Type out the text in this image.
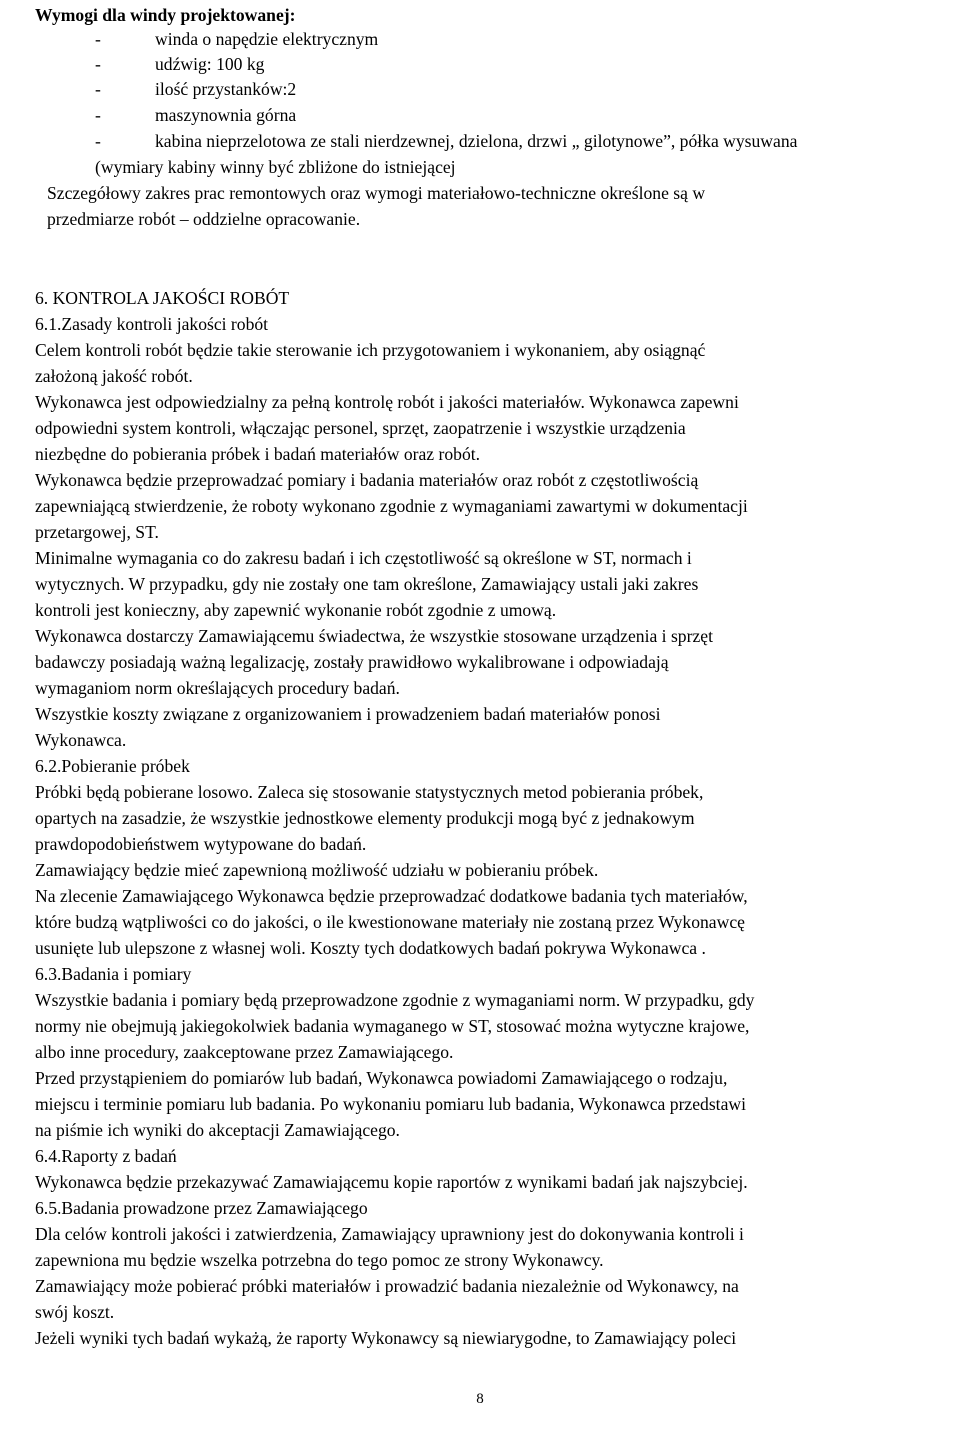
Wymogi dla windy projektowanej:
-	winda o napędzie elektrycznym
-	udźwig: 100 kg
-	ilość przystanków:2
-	maszynownia górna
-	kabina nieprzelotowa ze stali nierdzewnej, dzielona, drzwi „ gilotynowe”, półka wysuwana
(wymiary kabiny winny być zbliżone do istniejącej
Szczegółowy zakres prac remontowych oraz wymogi materiałowo-techniczne określone są w
przedmiarze robót – oddzielne opracowanie.
6. KONTROLA JAKOŚCI ROBÓT
6.1.Zasady kontroli jakości robót
Celem kontroli robót będzie takie sterowanie ich przygotowaniem i wykonaniem, aby osiągnąć
założoną jakość robót.
Wykonawca jest odpowiedzialny za pełną kontrolę robót i jakości materiałów. Wykonawca zapewni
odpowiedni system kontroli, włączając personel, sprzęt, zaopatrzenie i wszystkie urządzenia
niezbędne do pobierania próbek i badań materiałów oraz robót.
Wykonawca będzie przeprowadzać pomiary i badania materiałów oraz robót z częstotliwością
zapewniającą stwierdzenie, że roboty wykonano zgodnie z wymaganiami zawartymi w dokumentacji
przetargowej, ST.
Minimalne wymagania co do zakresu badań i ich częstotliwość są określone w ST, normach i
wytycznych. W przypadku, gdy nie zostały one tam określone, Zamawiający ustali jaki zakres
kontroli jest konieczny, aby zapewnić wykonanie robót zgodnie z umową.
Wykonawca dostarczy Zamawiającemu świadectwa, że wszystkie stosowane urządzenia i sprzęt
badawczy posiadają ważną legalizację, zostały prawidłowo wykalibrowane i odpowiadają
wymaganiom norm określających procedury badań.
Wszystkie koszty związane z organizowaniem i prowadzeniem badań materiałów ponosi
Wykonawca.
6.2.Pobieranie próbek
Próbki będą pobierane losowo. Zaleca się stosowanie statystycznych metod pobierania próbek,
opartych na zasadzie, że wszystkie jednostkowe elementy produkcji mogą być z jednakowym
prawdopodobieństwem wytypowane do badań.
Zamawiający będzie mieć zapewnioną możliwość udziału w pobieraniu próbek.
Na zlecenie Zamawiającego Wykonawca będzie przeprowadzać dodatkowe badania tych materiałów,
które budzą wątpliwości co do jakości, o ile kwestionowane materiały nie zostaną przez Wykonawcę
usunięte lub ulepszone z własnej woli. Koszty tych dodatkowych badań pokrywa Wykonawca .
6.3.Badania i pomiary
Wszystkie badania i pomiary będą przeprowadzone zgodnie z wymaganiami norm. W przypadku, gdy
normy nie obejmują jakiegokolwiek badania wymaganego w ST, stosować można wytyczne krajowe,
albo inne procedury, zaakceptowane przez Zamawiającego.
Przed przystąpieniem do pomiarów lub badań, Wykonawca powiadomi Zamawiającego o rodzaju,
miejscu i terminie pomiaru lub badania. Po wykonaniu pomiaru lub badania, Wykonawca przedstawi
na piśmie ich wyniki do akceptacji Zamawiającego.
6.4.Raporty z badań
Wykonawca będzie przekazywać Zamawiającemu kopie raportów z wynikami badań jak najszybciej.
6.5.Badania prowadzone przez Zamawiającego
Dla celów kontroli jakości i zatwierdzenia, Zamawiający uprawniony jest do dokonywania kontroli i
zapewniona mu będzie wszelka potrzebna do tego pomoc ze strony Wykonawcy.
Zamawiający może pobierać próbki materiałów i prowadzić badania niezależnie od Wykonawcy, na
swój koszt.
Jeżeli wyniki tych badań wykażą, że raporty Wykonawcy są niewiarygodne, to Zamawiający poleci
8
